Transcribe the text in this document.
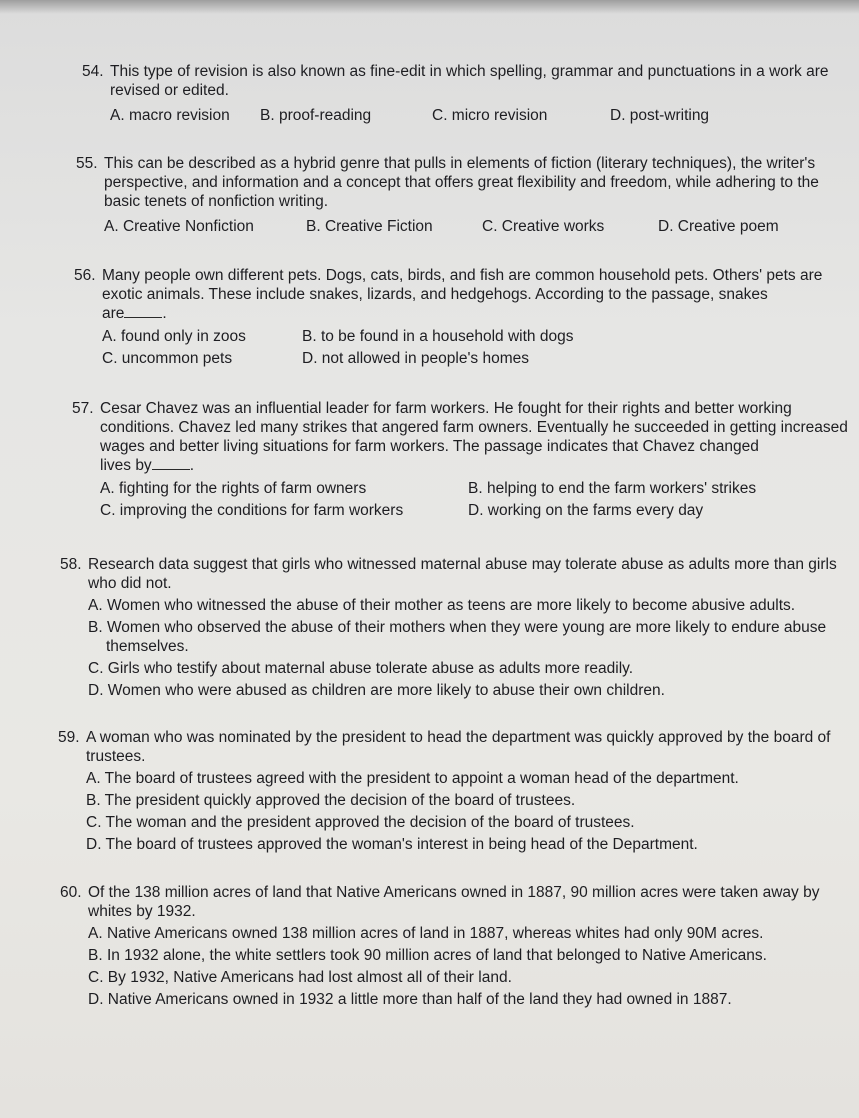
54. This type of revision is also known as fine-edit in which spelling, grammar and punctuations in a work are revised or edited.
A. macro revision	B. proof-reading	C. micro revision	D. post-writing
55. This can be described as a hybrid genre that pulls in elements of fiction (literary techniques), the writer's perspective, and information and a concept that offers great flexibility and freedom, while adhering to the basic tenets of nonfiction writing.
A. Creative Nonfiction	B. Creative Fiction	C. Creative works	D. Creative poem
56. Many people own different pets. Dogs, cats, birds, and fish are common household pets. Others' pets are exotic animals. These include snakes, lizards, and hedgehogs. According to the passage, snakes
are .
A. found only in zoos	B. to be found in a household with dogs
C. uncommon pets	D. not allowed in people's homes
57. Cesar Chavez was an influential leader for farm workers. He fought for their rights and better working conditions. Chavez led many strikes that angered farm owners. Eventually he succeeded in getting increased wages and better living situations for farm workers. The passage indicates that Chavez changed
lives by .
A. fighting for the rights of farm owners	B. helping to end the farm workers' strikes
C. improving the conditions for farm workers	D. working on the farms every day
58. Research data suggest that girls who witnessed maternal abuse may tolerate abuse as adults more than girls who did not.
A. Women who witnessed the abuse of their mother as teens are more likely to become abusive adults.
B. Women who observed the abuse of their mothers when they were young are more likely to endure abuse themselves.
C. Girls who testify about maternal abuse tolerate abuse as adults more readily.
D. Women who were abused as children are more likely to abuse their own children.
59. A woman who was nominated by the president to head the department was quickly approved by the board of trustees.
A. The board of trustees agreed with the president to appoint a woman head of the department.
B. The president quickly approved the decision of the board of trustees.
C. The woman and the president approved the decision of the board of trustees.
D. The board of trustees approved the woman's interest in being head of the Department.
60. Of the 138 million acres of land that Native Americans owned in 1887, 90 million acres were taken away by whites by 1932.
A. Native Americans owned 138 million acres of land in 1887, whereas whites had only 90M acres.
B. In 1932 alone, the white settlers took 90 million acres of land that belonged to Native Americans.
C. By 1932, Native Americans had lost almost all of their land.
D. Native Americans owned in 1932 a little more than half of the land they had owned in 1887.
